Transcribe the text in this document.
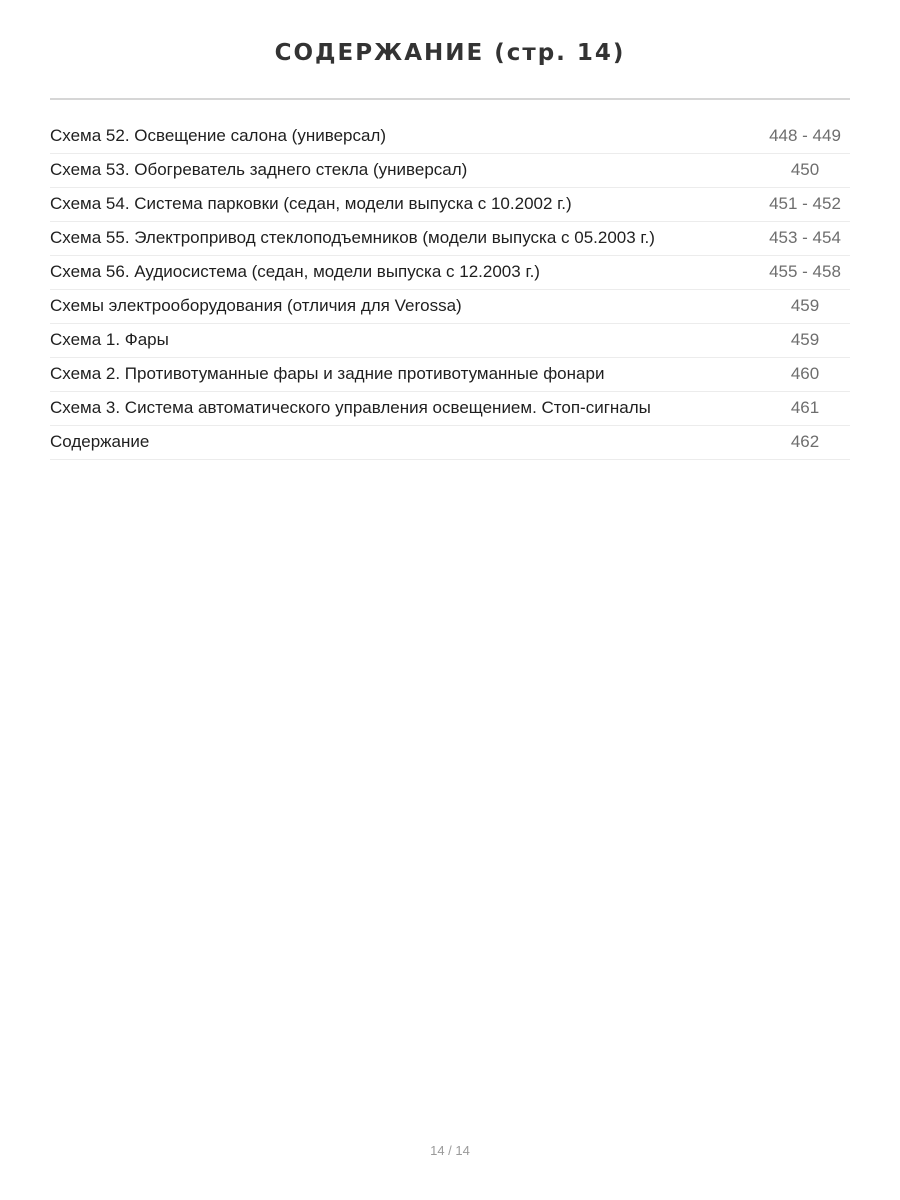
СОДЕРЖАНИЕ (стр. 14)
Схема 52. Освещение салона (универсал)	448 - 449
Схема 53. Обогреватель заднего стекла (универсал)	450
Схема 54. Система парковки (седан, модели выпуска с 10.2002 г.)	451 - 452
Схема 55. Электропривод стеклоподъемников (модели выпуска с 05.2003 г.)	453 - 454
Схема 56. Аудиосистема (седан, модели выпуска с 12.2003 г.)	455 - 458
Схемы электрооборудования (отличия для Verossa)	459
Схема 1. Фары	459
Схема 2. Противотуманные фары и задние противотуманные фонари	460
Схема 3. Система автоматического управления освещением. Стоп-сигналы	461
Содержание	462
14 / 14
